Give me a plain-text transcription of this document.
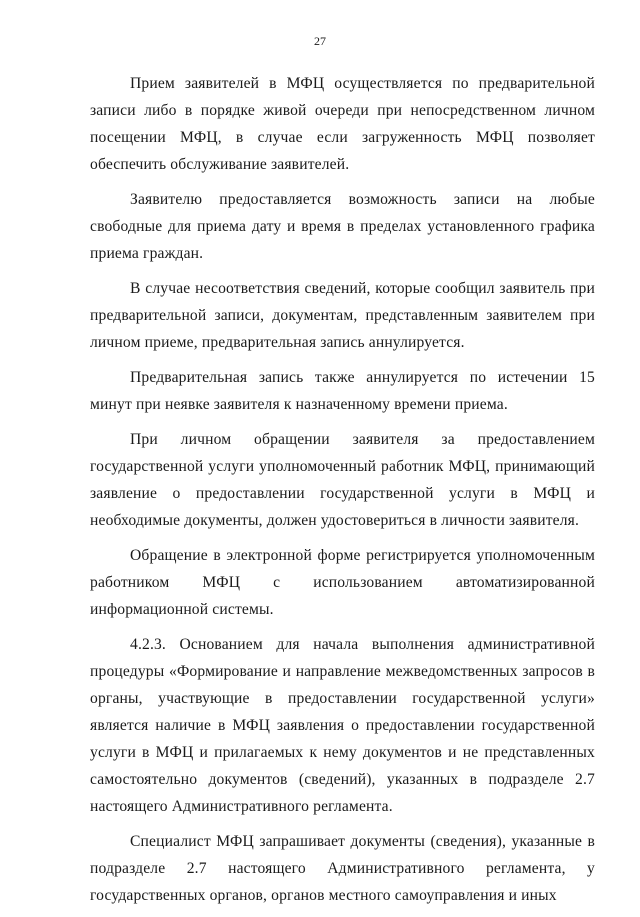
27

Прием заявителей в МФЦ осуществляется по предварительной записи либо в порядке живой очереди при непосредственном личном посещении МФЦ, в случае если загруженность МФЦ позволяет обеспечить обслуживание заявителей.

Заявителю предоставляется возможность записи на любые свободные для приема дату и время в пределах установленного графика приема граждан.

В случае несоответствия сведений, которые сообщил заявитель при предварительной записи, документам, представленным заявителем при личном приеме, предварительная запись аннулируется.

Предварительная запись также аннулируется по истечении 15 минут при неявке заявителя к назначенному времени приема.

При личном обращении заявителя за предоставлением государственной услуги уполномоченный работник МФЦ, принимающий заявление о предоставлении государственной услуги в МФЦ и необходимые документы, должен удостовериться в личности заявителя.

Обращение в электронной форме регистрируется уполномоченным работником МФЦ с использованием автоматизированной информационной системы.

4.2.3. Основанием для начала выполнения административной процедуры «Формирование и направление межведомственных запросов в органы, участвующие в предоставлении государственной услуги» является наличие в МФЦ заявления о предоставлении государственной услуги в МФЦ и прилагаемых к нему документов и не представленных самостоятельно документов (сведений), указанных в подразделе 2.7 настоящего Административного регламента.

Специалист МФЦ запрашивает документы (сведения), указанные в подразделе 2.7 настоящего Административного регламента, у государственных органов, органов местного самоуправления и иных
